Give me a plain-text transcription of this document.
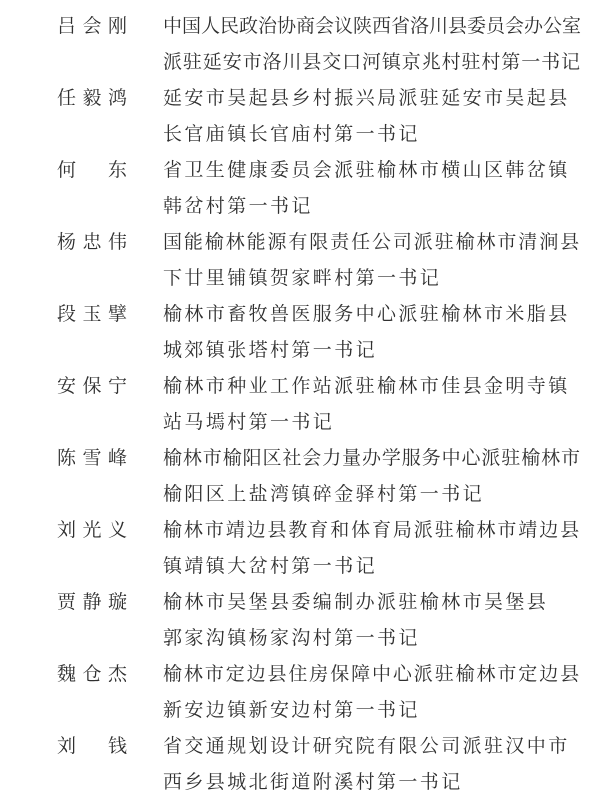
吕 会 刚 中国人民政治协商会议陕西省洛川县委员会办公室
派驻延安市洛川县交口河镇京兆村驻村第一书记
任 毅 鸿 延安市吴起县乡村振兴局派驻延安市吴起县
长官庙镇长官庙村第一书记
何 东 省卫生健康委员会派驻榆林市横山区韩岔镇
韩岔村第一书记
杨 忠 伟 国能榆林能源有限责任公司派驻榆林市清涧县
下廿里铺镇贺家畔村第一书记
段 玉 擘 榆林市畜牧兽医服务中心派驻榆林市米脂县
城郊镇张塔村第一书记
安 保 宁 榆林市种业工作站派驻榆林市佳县金明寺镇
站马墕村第一书记
陈 雪 峰 榆林市榆阳区社会力量办学服务中心派驻榆林市
榆阳区上盐湾镇碎金驿村第一书记
刘 光 义 榆林市靖边县教育和体育局派驻榆林市靖边县
镇靖镇大岔村第一书记
贾 静 璇 榆林市吴堡县委编制办派驻榆林市吴堡县
郭家沟镇杨家沟村第一书记
魏 仓 杰 榆林市定边县住房保障中心派驻榆林市定边县
新安边镇新安边村第一书记
刘 钱 省交通规划设计研究院有限公司派驻汉中市
西乡县城北街道附溪村第一书记
